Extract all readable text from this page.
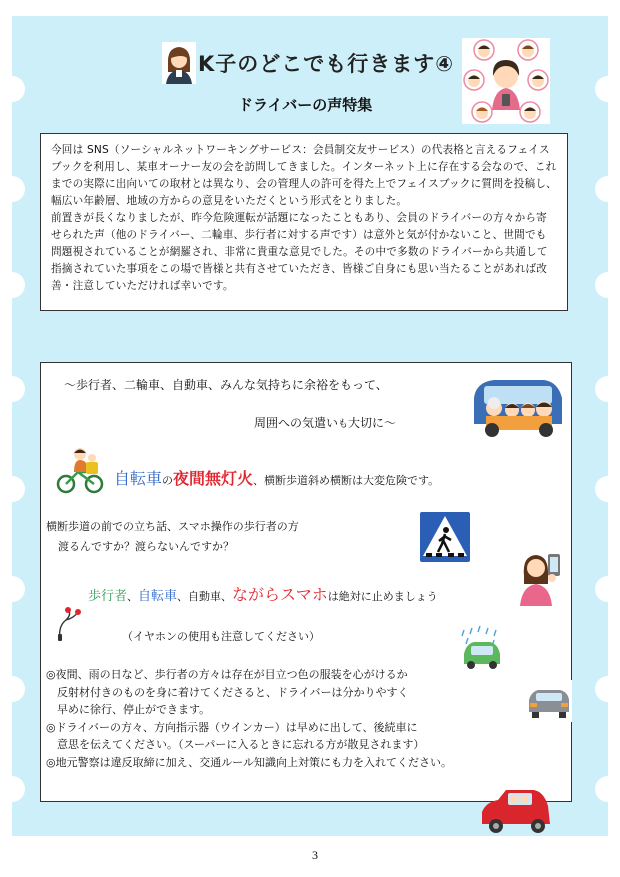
K子のどこでも行きます④
ドライバーの声特集

今回は SNS（ソーシャルネットワーキングサービス：会員制交友サービス）の代表格と言えるフェイスブックを利用し、某車オーナー友の会を訪問してきました。インターネット上に存在する会なので、これまでの実際に出向いての取材とは異なり、会の管理人の許可を得た上でフェイスブックに質問を投稿し、幅広い年齢層、地域の方からの意見をいただくという形式をとりました。

前置きが長くなりましたが、昨今危険運転が話題になったこともあり、会員のドライバーの方々から寄せられた声（他のドライバー、二輪車、歩行者に対する声です）は意外と気が付かないこと、世間でも問題視されていることが網羅され、非常に貴重な意見でした。その中で多数のドライバーから共通して指摘されていた事項をこの場で皆様と共有させていただき、皆様ご自身にも思い当たることがあれば改善・注意していただければ幸いです。

～歩行者、二輪車、自動車、みんな気持ちに余裕をもって、
周囲への気遣いも大切に～
自転車の夜間無灯火、横断歩道斜め横断は大変危険です。
横断歩道の前での立ち話、スマホ操作の歩行者の方
渡るんですか？渡らないんですか？
歩行者、自転車、自動車、ながらスマホは絶対に止めましょう
（イヤホンの使用も注意してください）

◎夜間、雨の日など、歩行者の方々は存在が目立つ色の服装を心がけるか

　反射材付きのものを身に着けてくださると、ドライバーは分かりやすく

　早めに徐行、停止ができます。

◎ドライバーの方々、方向指示器（ウインカー）は早めに出して、後続車に

　意思を伝えてください。（スーパーに入るときに忘れる方が散見されます）

◎地元警察は違反取締に加え、交通ルール知識向上対策にも力を入れてください。

3
